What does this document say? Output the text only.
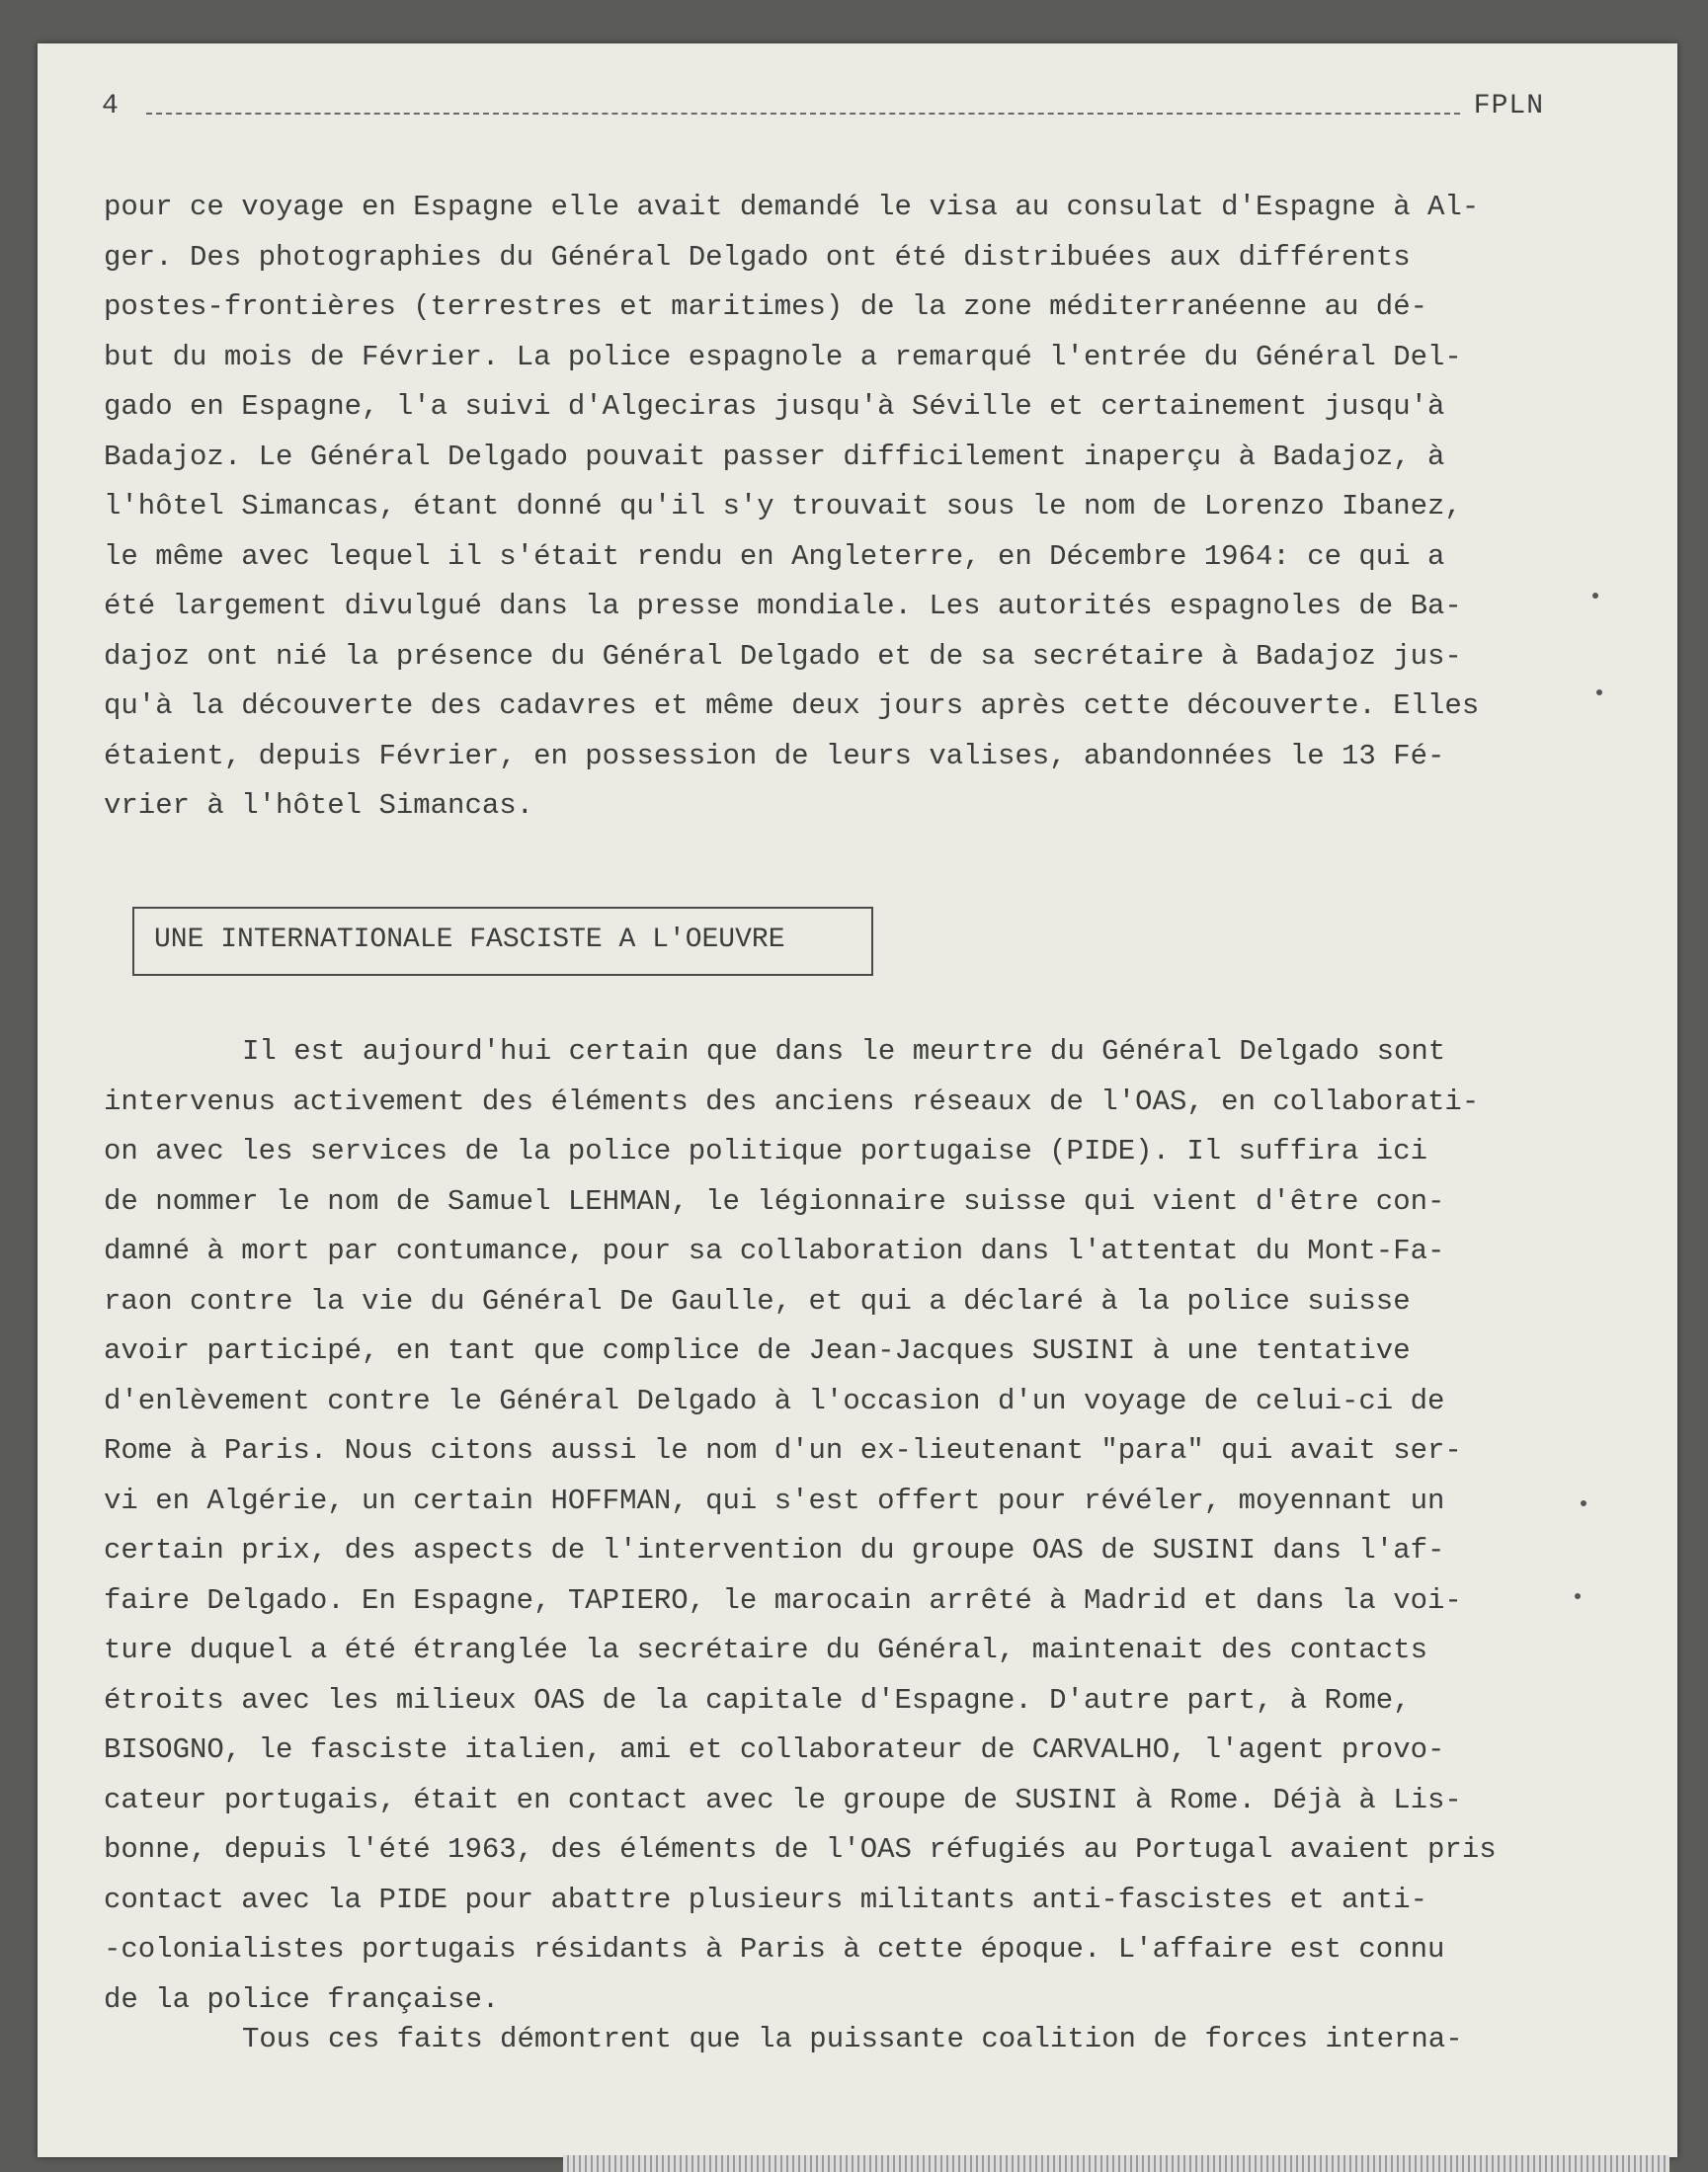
4	FPLN
pour ce voyage en Espagne elle avait demandé le visa au consulat d'Espagne à Al-
ger. Des photographies du Général Delgado ont été distribuées aux différents
postes-frontières (terrestres et maritimes) de la zone méditerranéenne au dé-
but du mois de Février. La police espagnole a remarqué l'entrée du Général Del-
gado en Espagne, l'a suivi d'Algeciras jusqu'à Séville et certainement jusqu'à
Badajoz. Le Général Delgado pouvait passer difficilement inaperçu à Badajoz, à
l'hôtel Simancas, étant donné qu'il s'y trouvait sous le nom de Lorenzo Ibanez,
le même avec lequel il s'était rendu en Angleterre, en Décembre 1964: ce qui a
été largement divulgué dans la presse mondiale. Les autorités espagnoles de Ba-
dajoz ont nié la présence du Général Delgado et de sa secrétaire à Badajoz jus-
qu'à la découverte des cadavres et même deux jours après cette découverte. Elles
étaient, depuis Février, en possession de leurs valises, abandonnées le 13 Fé-
vrier à l'hôtel Simancas.
UNE INTERNATIONALE FASCISTE A L'OEUVRE
Il est aujourd'hui certain que dans le meurtre du Général Delgado sont
intervenus activement des éléments des anciens réseaux de l'OAS, en collaborati-
on avec les services de la police politique portugaise (PIDE). Il suffira ici
de nommer le nom de Samuel LEHMAN, le légionnaire suisse qui vient d'être con-
damné à mort par contumance, pour sa collaboration dans l'attentat du Mont-Fa-
raon contre la vie du Général De Gaulle, et qui a déclaré à la police suisse
avoir participé, en tant que complice de Jean-Jacques SUSINI à une tentative
d'enlèvement contre le Général Delgado à l'occasion d'un voyage de celui-ci de
Rome à Paris. Nous citons aussi le nom d'un ex-lieutenant "para" qui avait ser-
vi en Algérie, un certain HOFFMAN, qui s'est offert pour révéler, moyennant un
certain prix, des aspects de l'intervention du groupe OAS de SUSINI dans l'af-
faire Delgado. En Espagne, TAPIERO, le marocain arrêté à Madrid et dans la voi-
ture duquel a été étranglée la secrétaire du Général, maintenait des contacts
étroits avec les milieux OAS de la capitale d'Espagne. D'autre part, à Rome,
BISOGNO, le fasciste italien, ami et collaborateur de CARVALHO, l'agent provo-
cateur portugais, était en contact avec le groupe de SUSINI à Rome. Déjà à Lis-
bonne, depuis l'été 1963, des éléments de l'OAS réfugiés au Portugal avaient pris
contact avec la PIDE pour abattre plusieurs militants anti-fascistes et anti-
-colonialistes portugais résidants à Paris à cette époque. L'affaire est connu
de la police française.
Tous ces faits démontrent que la puissante coalition de forces interna-
